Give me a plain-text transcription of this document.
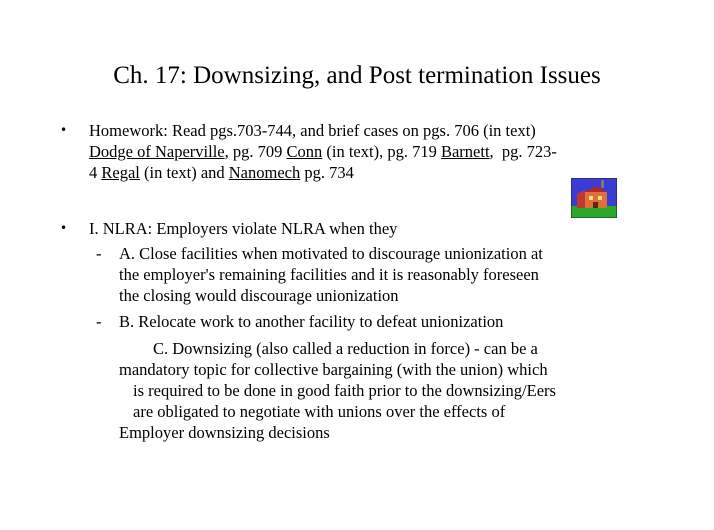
Ch. 17: Downsizing, and Post termination Issues
• Homework: Read pgs.703-744, and brief cases on pgs. 706 (in text)
Dodge of Naperville, pg. 709 Conn (in text), pg. 719 Barnett,  pg. 723-
4 Regal (in text) and Nanomech pg. 734
• I. NLRA: Employers violate NLRA when they
- A. Close facilities when motivated to discourage unionization at
the employer's remaining facilities and it is reasonably foreseen
the closing would discourage unionization
- B. Relocate work to another facility to defeat unionization
C. Downsizing (also called a reduction in force) - can be a
mandatory topic for collective bargaining (with the union) which
is required to be done in good faith prior to the downsizing/Eers
are obligated to negotiate with unions over the effects of
Employer downsizing decisions
